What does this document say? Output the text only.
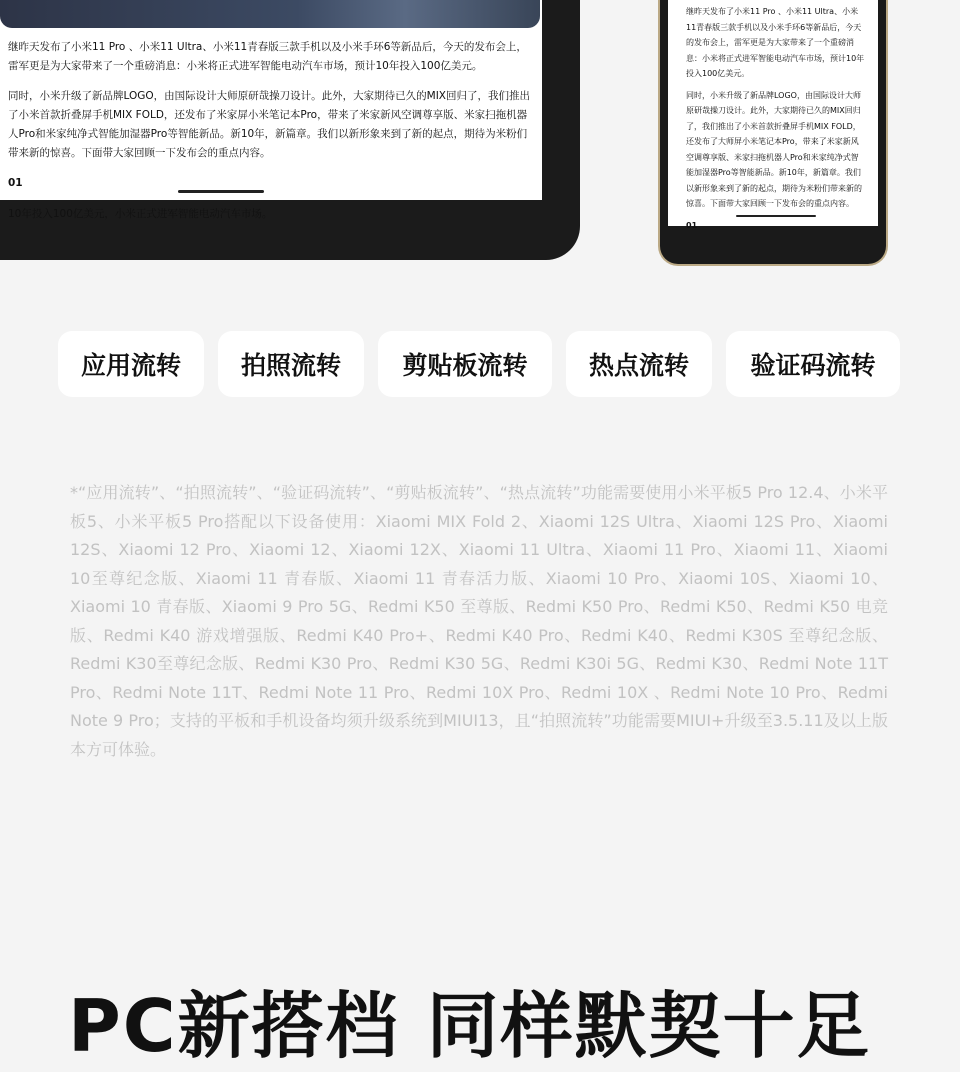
继昨天发布了小米11 Pro 、小米11 Ultra、小米11青春版三款手机以及小米手环6等新品后，今天的发布会上，雷军更是为大家带来了一个重磅消息：小米将正式进军智能电动汽车市场，预计10年投入100亿美元。

同时，小米升级了新品牌LOGO，由国际设计大师原研哉操刀设计。此外，大家期待已久的MIX回归了，我们推出了小米首款折叠屏手机MIX FOLD，还发布了米家屏小米笔记本Pro，带来了米家新风空调尊享版、米家扫拖机器人Pro和米家纯净式智能加湿器Pro等智能新品。新10年，新篇章。我们以新形象来到了新的起点，期待为米粉们带来新的惊喜。下面带大家回顾一下发布会的重点内容。

01

10年投入100亿美元，小米正式进军智能电动汽车市场。

继昨天发布了小米11 Pro 、小米11 Ultra、小米11青春版三款手机以及小米手环6等新品后，今天的发布会上，雷军更是为大家带来了一个重磅消息：小米将正式进军智能电动汽车市场，预计10年投入100亿美元。

同时，小米升级了新品牌LOGO，由国际设计大师原研哉操刀设计。此外，大家期待已久的MIX回归了，我们推出了小米首款折叠屏手机MIX FOLD，还发布了大师屏小米笔记本Pro，带来了米家新风空调尊享版、米家扫拖机器人Pro和米家纯净式智能加湿器Pro等智能新品。新10年，新篇章。我们以新形象来到了新的起点，期待为米粉们带来新的惊喜。下面带大家回顾一下发布会的重点内容。

01

应用流转	拍照流转	剪贴板流转	热点流转	验证码流转
*“应用流转”、“拍照流转”、“验证码流转”、“剪贴板流转”、“热点流转”功能需要使用小米平板5 Pro 12.4、小米平板5、小米平板5 Pro搭配以下设备使用：Xiaomi MIX Fold 2、Xiaomi 12S Ultra、Xiaomi 12S Pro、Xiaomi 12S、Xiaomi 12 Pro、Xiaomi 12、Xiaomi 12X、Xiaomi 11 Ultra、Xiaomi 11 Pro、Xiaomi 11、Xiaomi 10至尊纪念版、Xiaomi 11 青春版、Xiaomi 11 青春活力版、Xiaomi 10 Pro、Xiaomi 10S、Xiaomi 10、Xiaomi 10 青春版、Xiaomi 9 Pro 5G、Redmi K50 至尊版、Redmi K50 Pro、Redmi K50、Redmi K50 电竞版、Redmi K40 游戏增强版、Redmi K40 Pro+、Redmi K40 Pro、Redmi K40、Redmi K30S 至尊纪念版、Redmi K30至尊纪念版、Redmi K30 Pro、Redmi K30 5G、Redmi K30i 5G、Redmi K30、Redmi Note 11T Pro、Redmi Note 11T、Redmi Note 11 Pro、Redmi 10X Pro、Redmi 10X 、Redmi Note 10 Pro、Redmi Note 9 Pro；支持的平板和手机设备均须升级系统到MIUI13，且“拍照流转”功能需要MIUI+升级至3.5.11及以上版本方可体验。
PC新搭档 同样默契十足
